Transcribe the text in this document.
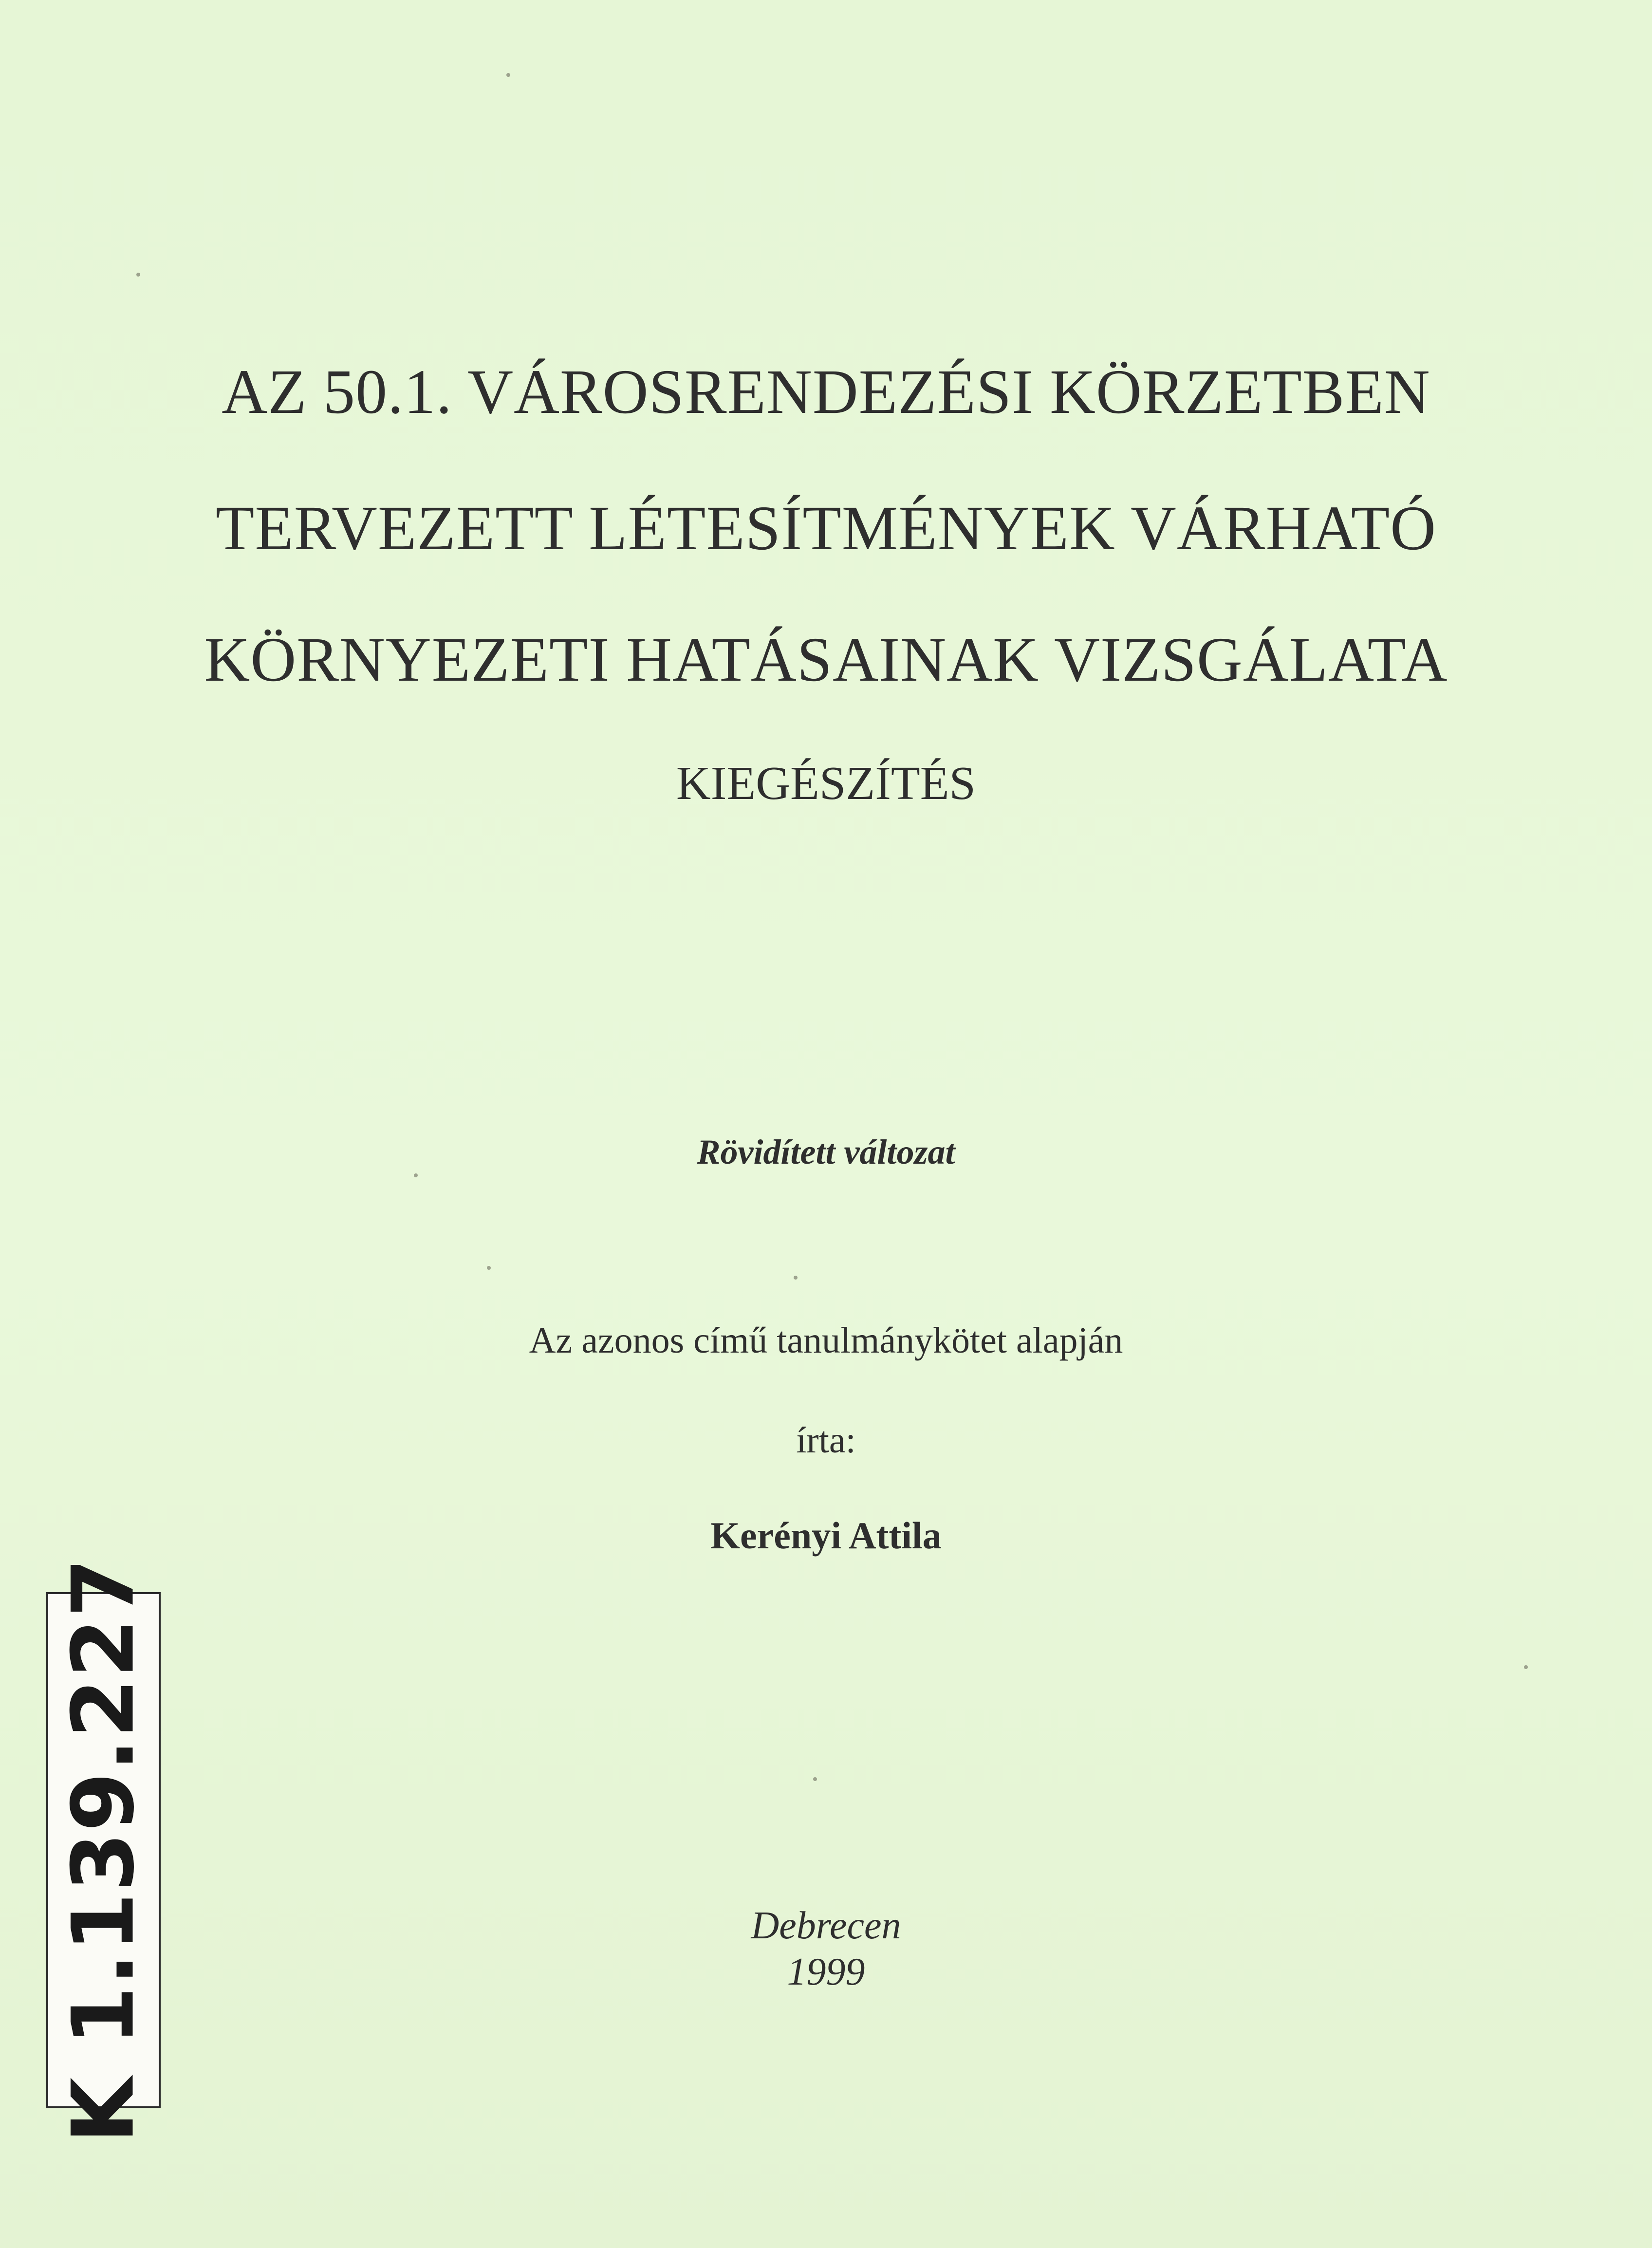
AZ 50.1. VÁROSRENDEZÉSI KÖRZETBEN
TERVEZETT LÉTESÍTMÉNYEK VÁRHATÓ
KÖRNYEZETI HATÁSAINAK VIZSGÁLATA
KIEGÉSZÍTÉS
Rövidített változat
Az azonos című tanulmánykötet alapján
írta:
Kerényi Attila
Debrecen
1999
K 1.139.227
